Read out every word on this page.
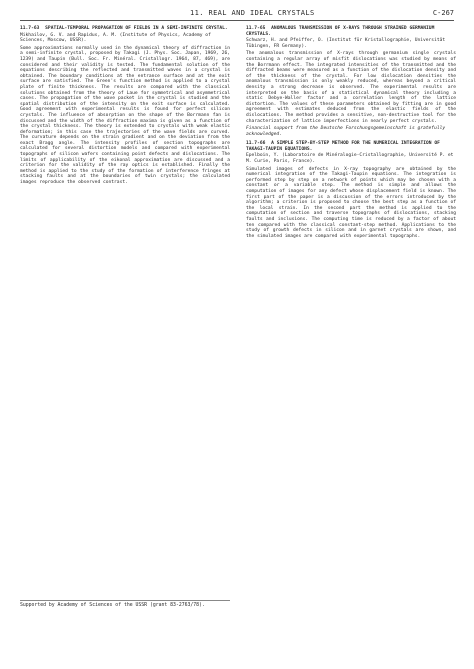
11. REAL AND IDEAL CRYSTALS	C-267
11.7-63 SPATIAL-TEMPORAL PROPAGATION OF FIELDS IN A SEMI-INFINITE CRYSTAL.
Mikhailov, G. V. and Rapidus, A. M. (Institute of Physics, Academy of Sciences, Moscow, USSR).
Some approximations normally used in the dynamical theory of diffraction in a semi-infinite crystal, proposed by Takagi (J. Phys. Soc. Japan, 1969, 26, 1239) and Taupin (Bull. Soc. Fr. Minéral. Cristallogr. 1964, 87, 469), are considered and their validity is tested. The fundamental solution of the equations describing the reflected and transmitted waves in a crystal is obtained. The boundary conditions at the entrance surface and at the exit surface are satisfied. The Green's function method is applied to a crystal plate of finite thickness. The results are compared with the classical solutions obtained from the theory of Laue for symmetrical and asymmetrical cases. The propagation of the wave packet in the crystal is studied and the spatial distribution of the intensity on the exit surface is calculated. Good agreement with experimental results is found for perfect silicon crystals. The influence of absorption on the shape of the Borrmann fan is discussed and the width of the diffraction maxima is given as a function of the crystal thickness. The theory is extended to crystals with weak elastic deformation; in this case the trajectories of the wave fields are curved. The curvature depends on the strain gradient and on the deviation from the exact Bragg angle. The intensity profiles of section topographs are calculated for several distortion models and compared with experimental topographs of silicon wafers containing point defects and dislocations. The limits of applicability of the eikonal approximation are discussed and a criterion for the validity of the ray optics is established. Finally the method is applied to the study of the formation of interference fringes at stacking faults and at the boundaries of twin crystals; the calculated images reproduce the observed contrast.
11.7-65 ANOMALOUS TRANSMISSION OF X-RAYS THROUGH STRAINED GERMANIUM CRYSTALS.
Schwarz, H. and Pfeiffer, O. (Institut für Kristallographie, Universität Tübingen, FR Germany).
The anomalous transmission of X-rays through germanium single crystals containing a regular array of misfit dislocations was studied by means of the Borrmann effect. The integrated intensities of the transmitted and the diffracted beams were measured as a function of the dislocation density and of the thickness of the crystal. For low dislocation densities the anomalous transmission is only weakly reduced, whereas beyond a critical density a strong decrease is observed. The experimental results are interpreted on the basis of a statistical dynamical theory including a static Debye-Waller factor and a correlation length of the lattice distortion. The values of these parameters obtained by fitting are in good agreement with estimates deduced from the elastic fields of the dislocations. The method provides a sensitive, non-destructive tool for the characterization of lattice imperfections in nearly perfect crystals.
Financial support from the Deutsche Forschungsgemeinschaft is gratefully acknowledged.
11.7-66 A SIMPLE STEP-BY-STEP METHOD FOR THE NUMERICAL INTEGRATION OF TAKAGI-TAUPIN EQUATIONS.
Epelboin, Y. (Laboratoire de Minéralogie-Cristallographie, Université P. et M. Curie, Paris, France).
Simulated images of defects in X-ray topography are obtained by the numerical integration of the Takagi-Taupin equations. The integration is performed step by step on a network of points which may be chosen with a constant or a variable step. The method is simple and allows the computation of images for any defect whose displacement field is known. The first part of the paper is a discussion of the errors introduced by the algorithm; a criterion is proposed to choose the best step as a function of the local strain. In the second part the method is applied to the computation of section and traverse topographs of dislocations, stacking faults and inclusions. The computing time is reduced by a factor of about ten compared with the classical constant-step method. Applications to the study of growth defects in silicon and in garnet crystals are shown, and the simulated images are compared with experimental topographs.
Supported by Academy of Sciences of the USSR (grant 83-2763/78).
